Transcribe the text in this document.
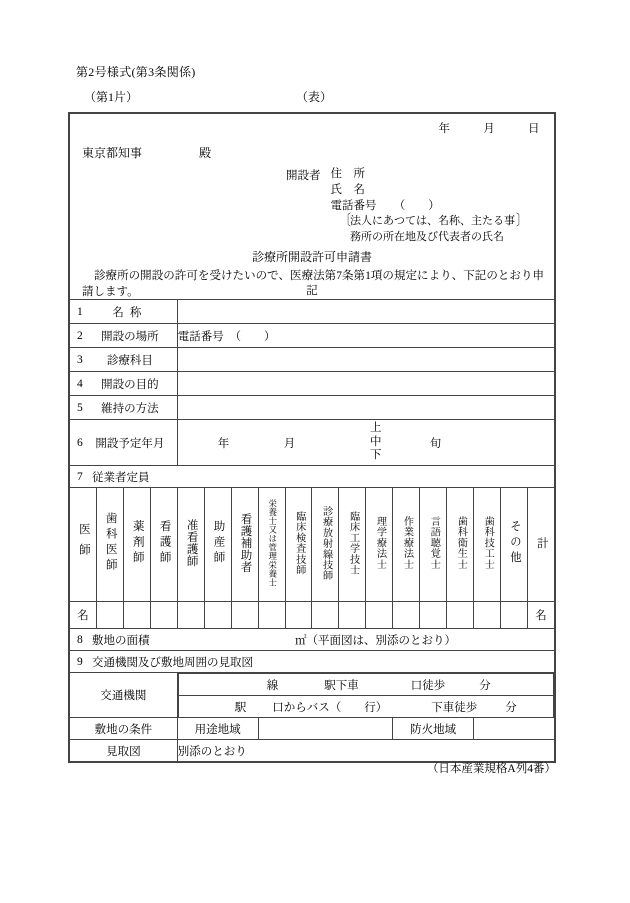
第2号様式(第3条関係)
（第1片）	（表）
年	月	日
東京都知事	殿
開設者 住　所
氏　名
電話番号　　（　　）
〔 法人にあつては、名称、主たる事
務所の所在地及び代表者の氏名
〕
診療所開設許可申請書
診療所の開設の許可を受けたいので、医療法第7条第1項の規定により、下記のとおり申請します。	記

1	名称

2	開設の場所	電話番号　（　　）

3	診療科目

4	開設の目的

5	維持の方法

6	開設予定年月	年	月
上
中
下
旬

7 従業者定員

医師	歯科医師	薬剤師	看護師	准看護師	助産師	看護補助者	栄養士又は管理栄養士	臨床検査技師	診療放射線技師	臨床工学技士	理学療法士	作業療法士	言語聴覚士	歯科衛生士	歯科技工士	その他	計
名																	名

8 敷地の面積	㎡（平面図は、別添のとおり）

9 交通機関及び敷地周囲の見取図

交通機関

線	駅下車	口徒歩	分

駅 口からバス（　　行）	下車徒歩 分

敷地の条件	用途地域		防火地域	

見取図	別添のとおり
（日本産業規格A列4番）
